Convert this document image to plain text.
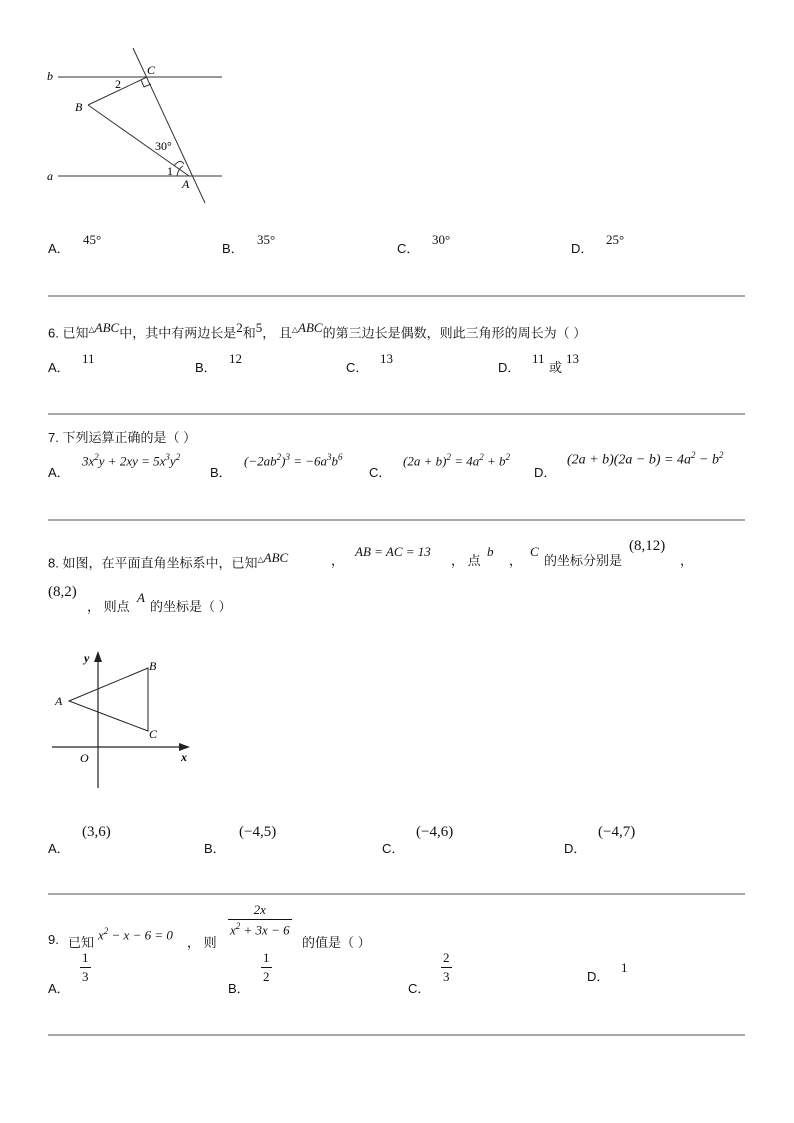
b
a
B
C
A
2
1
30°
A．
45°
B．
35°
C．
30°
D．
25°
6. 已知△ABC中，其中有两边长是2和5， 且△ABC的第三边长是偶数，则此三角形的周长为（ ）
A．
11
B．
12
C．
13
D．
11
或
13
7. 下列运算正确的是（ ）
A．
$3x^2y + 2xy = 5x^3y^2$
B．
$(-2ab^2)^3 = -6a^3b^6$
C．
$(2a + b)^2 = 4a^2 + b^2$
D．
$(2a + b)(2a - b) = 4a^2 - b^2$
8. 如图，在平面直角坐标系中，已知△ABC	，
AB = AC = 13
， 点
b
，
C
的坐标分别是
(8,12)
，
(8,2)
， 则点
A
的坐标是（ ）
y
x
O
A
B
C
A．
(3,6)
B．
(−4,5)
C．
(−4,6)
D．
(−4,7)
9. 已知
$x^2 - x - 6 = 0$
， 则
2x
$x^2 + 3x - 6$
的值是（ ）
A．
1
3
B．
1
2
C．
2
3	D．
1
